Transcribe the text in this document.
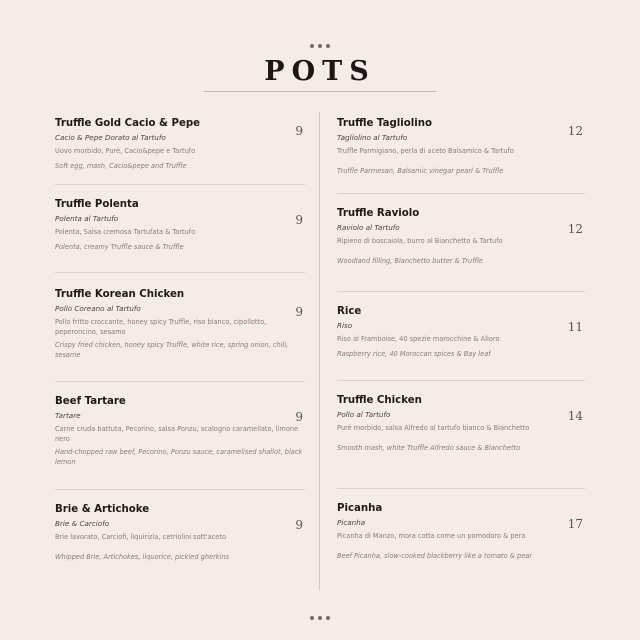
POTS
Truffle Gold Cacio & Pepe
9
Cacio & Pepe Dorato al Tartufo
Uovo morbido, Purè, Cacio&pepe e Tartufo
Soft egg, mash, Cacio&pepe and Truffle
Truffle Polenta
9
Polenta al Tartufo
Polenta, Salsa cremosa Tartufata & Tartufo
Polenta, creamy Truffle sauce & Truffle
Truffle Korean Chicken
9
Pollo Coreano al Tartufo
Pollo fritto croccante, honey spicy Truffle, riso bianco, cipollotto, peperoncino, sesamo
Crispy fried chicken, honey spicy Truffle, white rice, spring onion, chili, sesame
Beef Tartare
9
Tartare
Carne cruda battuta, Pecorino, salsa Ponzu, scalogno caramellato, limone nero
Hand-chopped raw beef, Pecorino, Ponzu sauce, caramelised shallot, black lemon
Brie & Artichoke
9
Brie & Carciofo
Brie lavorato, Carciofi, liquirizia, cetriolini sott'aceto
Whipped Brie, Artichokes, liquorice, pickled gherkins
Truffle Tagliolino
12
Tagliolino al Tartufo
Truffle Parmigiano, perla di aceto Balsamico & Tartufo
Truffle Parmesan, Balsamic vinegar pearl & Truffle
Truffle Raviolo
12
Raviolo al Tartufo
Ripieno di boscaiola, burro al Bianchetto & Tartufo
Woodland filling, Bianchetto butter & Truffle
Rice
11
Riso
Riso al Framboise, 40 spezie marocchine & Alloro
Raspberry rice, 40 Moroccan spices & Bay leaf
Truffle Chicken
14
Pollo al Tartufo
Purè morbido, salsa Alfredo al tartufo bianco & Bianchetto
Smooth mash, white Truffle Alfredo sauce & Bianchetto
Picanha
17
Picanha
Picanha di Manzo, mora cotta come un pomodoro & pera
Beef Picanha, slow-cooked blackberry like a tomato & pear
